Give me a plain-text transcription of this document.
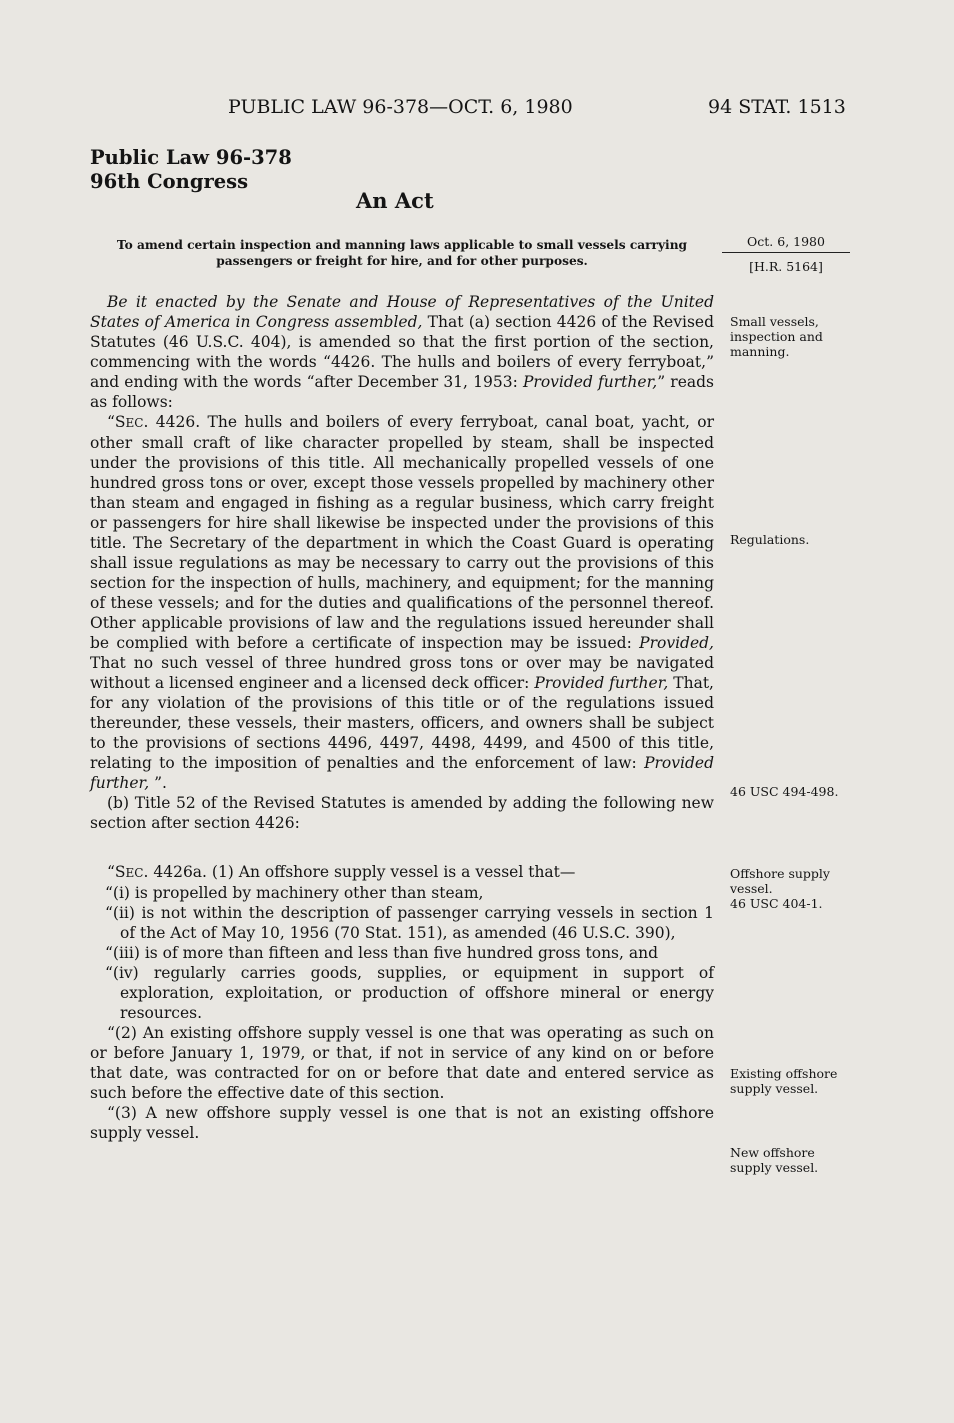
PUBLIC LAW 96-378—OCT. 6, 1980	94 STAT. 1513
Public Law 96-378
96th Congress
An Act
To amend certain inspection and manning laws applicable to small vessels carrying
passengers or freight for hire, and for other purposes.
Oct. 6, 1980
[H.R. 5164]

Be it enacted by the Senate and House of Representatives of the United States of America in Congress assembled, That (a) section 4426 of the Revised Statutes (46 U.S.C. 404), is amended so that the first portion of the section, commencing with the words “4426. The hulls and boilers of every ferryboat,” and ending with the words “after December 31, 1953: Provided further,” reads as follows:

“SEC. 4426. The hulls and boilers of every ferryboat, canal boat, yacht, or other small craft of like character propelled by steam, shall be inspected under the provisions of this title. All mechanically propelled vessels of one hundred gross tons or over, except those vessels propelled by machinery other than steam and engaged in fishing as a regular business, which carry freight or passengers for hire shall likewise be inspected under the provisions of this title. The Secretary of the department in which the Coast Guard is operating shall issue regulations as may be necessary to carry out the provisions of this section for the inspection of hulls, machinery, and equipment; for the manning of these vessels; and for the duties and qualifications of the personnel thereof. Other applicable provisions of law and the regulations issued hereunder shall be complied with before a certificate of inspection may be issued: Provided, That no such vessel of three hundred gross tons or over may be navigated without a licensed engineer and a licensed deck officer: Provided further, That, for any violation of the provisions of this title or of the regulations issued thereunder, these vessels, their masters, officers, and owners shall be subject to the provisions of sections 4496, 4497, 4498, 4499, and 4500 of this title, relating to the imposition of penalties and the enforcement of law: Provided further, ”.

(b) Title 52 of the Revised Statutes is amended by adding the following new section after section 4426:

“SEC. 4426a. (1) An offshore supply vessel is a vessel that—

“(i) is propelled by machinery other than steam,

“(ii) is not within the description of passenger carrying vessels in section 1 of the Act of May 10, 1956 (70 Stat. 151), as amended (46 U.S.C. 390),

“(iii) is of more than fifteen and less than five hundred gross tons, and

“(iv) regularly carries goods, supplies, or equipment in support of exploration, exploitation, or production of offshore mineral or energy resources.

“(2) An existing offshore supply vessel is one that was operating as such on or before January 1, 1979, or that, if not in service of any kind on or before that date, was contracted for on or before that date and entered service as such before the effective date of this section.

“(3) A new offshore supply vessel is one that is not an existing offshore supply vessel.

Small vessels, inspection and manning.
Regulations.
46 USC 494-498.
Offshore supply vessel.
46 USC 404-1.
Existing offshore supply vessel.
New offshore supply vessel.
